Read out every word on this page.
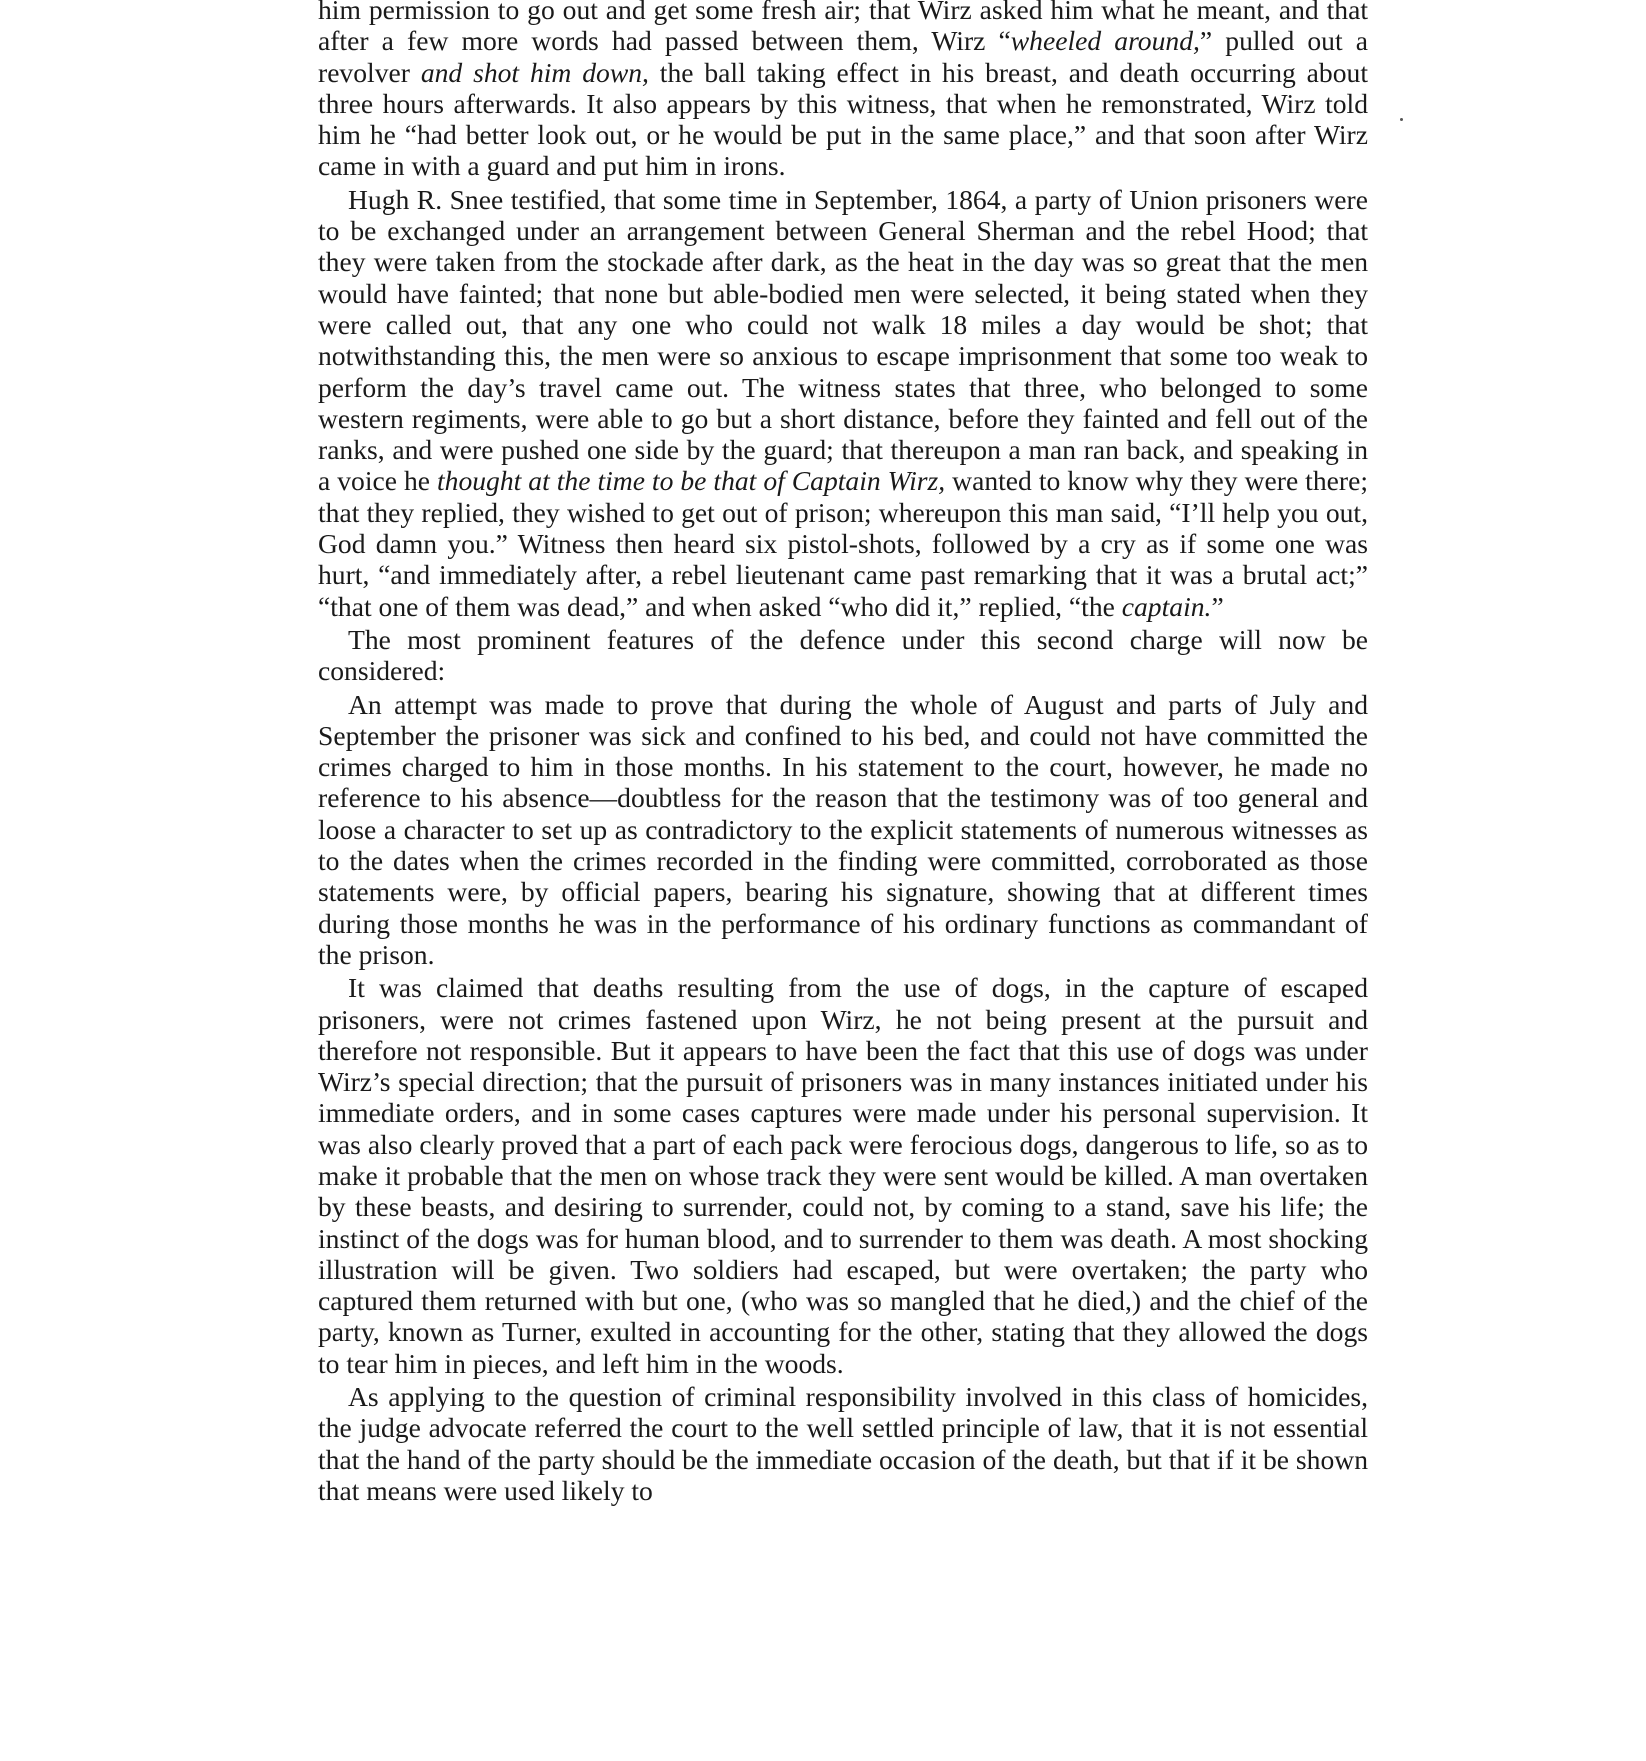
him permission to go out and get some fresh air; that Wirz asked him what he meant, and that after a few more words had passed between them, Wirz “wheeled around,” pulled out a revolver and shot him down, the ball taking effect in his breast, and death occurring about three hours afterwards. It also appears by this witness, that when he remonstrated, Wirz told him he “had better look out, or he would be put in the same place,” and that soon after Wirz came in with a guard and put him in irons.

Hugh R. Snee testified, that some time in September, 1864, a party of Union prisoners were to be exchanged under an arrangement between General Sherman and the rebel Hood; that they were taken from the stockade after dark, as the heat in the day was so great that the men would have fainted; that none but able-bodied men were selected, it being stated when they were called out, that any one who could not walk 18 miles a day would be shot; that notwithstanding this, the men were so anxious to escape imprisonment that some too weak to perform the day’s travel came out. The witness states that three, who belonged to some western regiments, were able to go but a short distance, before they fainted and fell out of the ranks, and were pushed one side by the guard; that thereupon a man ran back, and speaking in a voice he thought at the time to be that of Captain Wirz, wanted to know why they were there; that they replied, they wished to get out of prison; whereupon this man said, “I’ll help you out, God damn you.” Witness then heard six pistol-shots, followed by a cry as if some one was hurt, “and immediately after, a rebel lieutenant came past remarking that it was a brutal act;” “that one of them was dead,” and when asked “who did it,” replied, “the captain.”

The most prominent features of the defence under this second charge will now be considered:

An attempt was made to prove that during the whole of August and parts of July and September the prisoner was sick and confined to his bed, and could not have committed the crimes charged to him in those months. In his statement to the court, however, he made no reference to his absence—doubtless for the reason that the testimony was of too general and loose a character to set up as contradictory to the explicit statements of numerous witnesses as to the dates when the crimes recorded in the finding were committed, corroborated as those statements were, by official papers, bearing his signature, showing that at different times during those months he was in the performance of his ordinary functions as commandant of the prison.

It was claimed that deaths resulting from the use of dogs, in the capture of escaped prisoners, were not crimes fastened upon Wirz, he not being present at the pursuit and therefore not responsible. But it appears to have been the fact that this use of dogs was under Wirz’s special direction; that the pursuit of prisoners was in many instances initiated under his immediate orders, and in some cases captures were made under his personal supervision. It was also clearly proved that a part of each pack were ferocious dogs, dangerous to life, so as to make it probable that the men on whose track they were sent would be killed. A man overtaken by these beasts, and desiring to surrender, could not, by coming to a stand, save his life; the instinct of the dogs was for human blood, and to surrender to them was death. A most shocking illustration will be given. Two soldiers had escaped, but were overtaken; the party who captured them returned with but one, (who was so mangled that he died,) and the chief of the party, known as Turner, exulted in accounting for the other, stating that they allowed the dogs to tear him in pieces, and left him in the woods.

As applying to the question of criminal responsibility involved in this class of homicides, the judge advocate referred the court to the well settled principle of law, that it is not essential that the hand of the party should be the immediate occasion of the death, but that if it be shown that means were used likely to
